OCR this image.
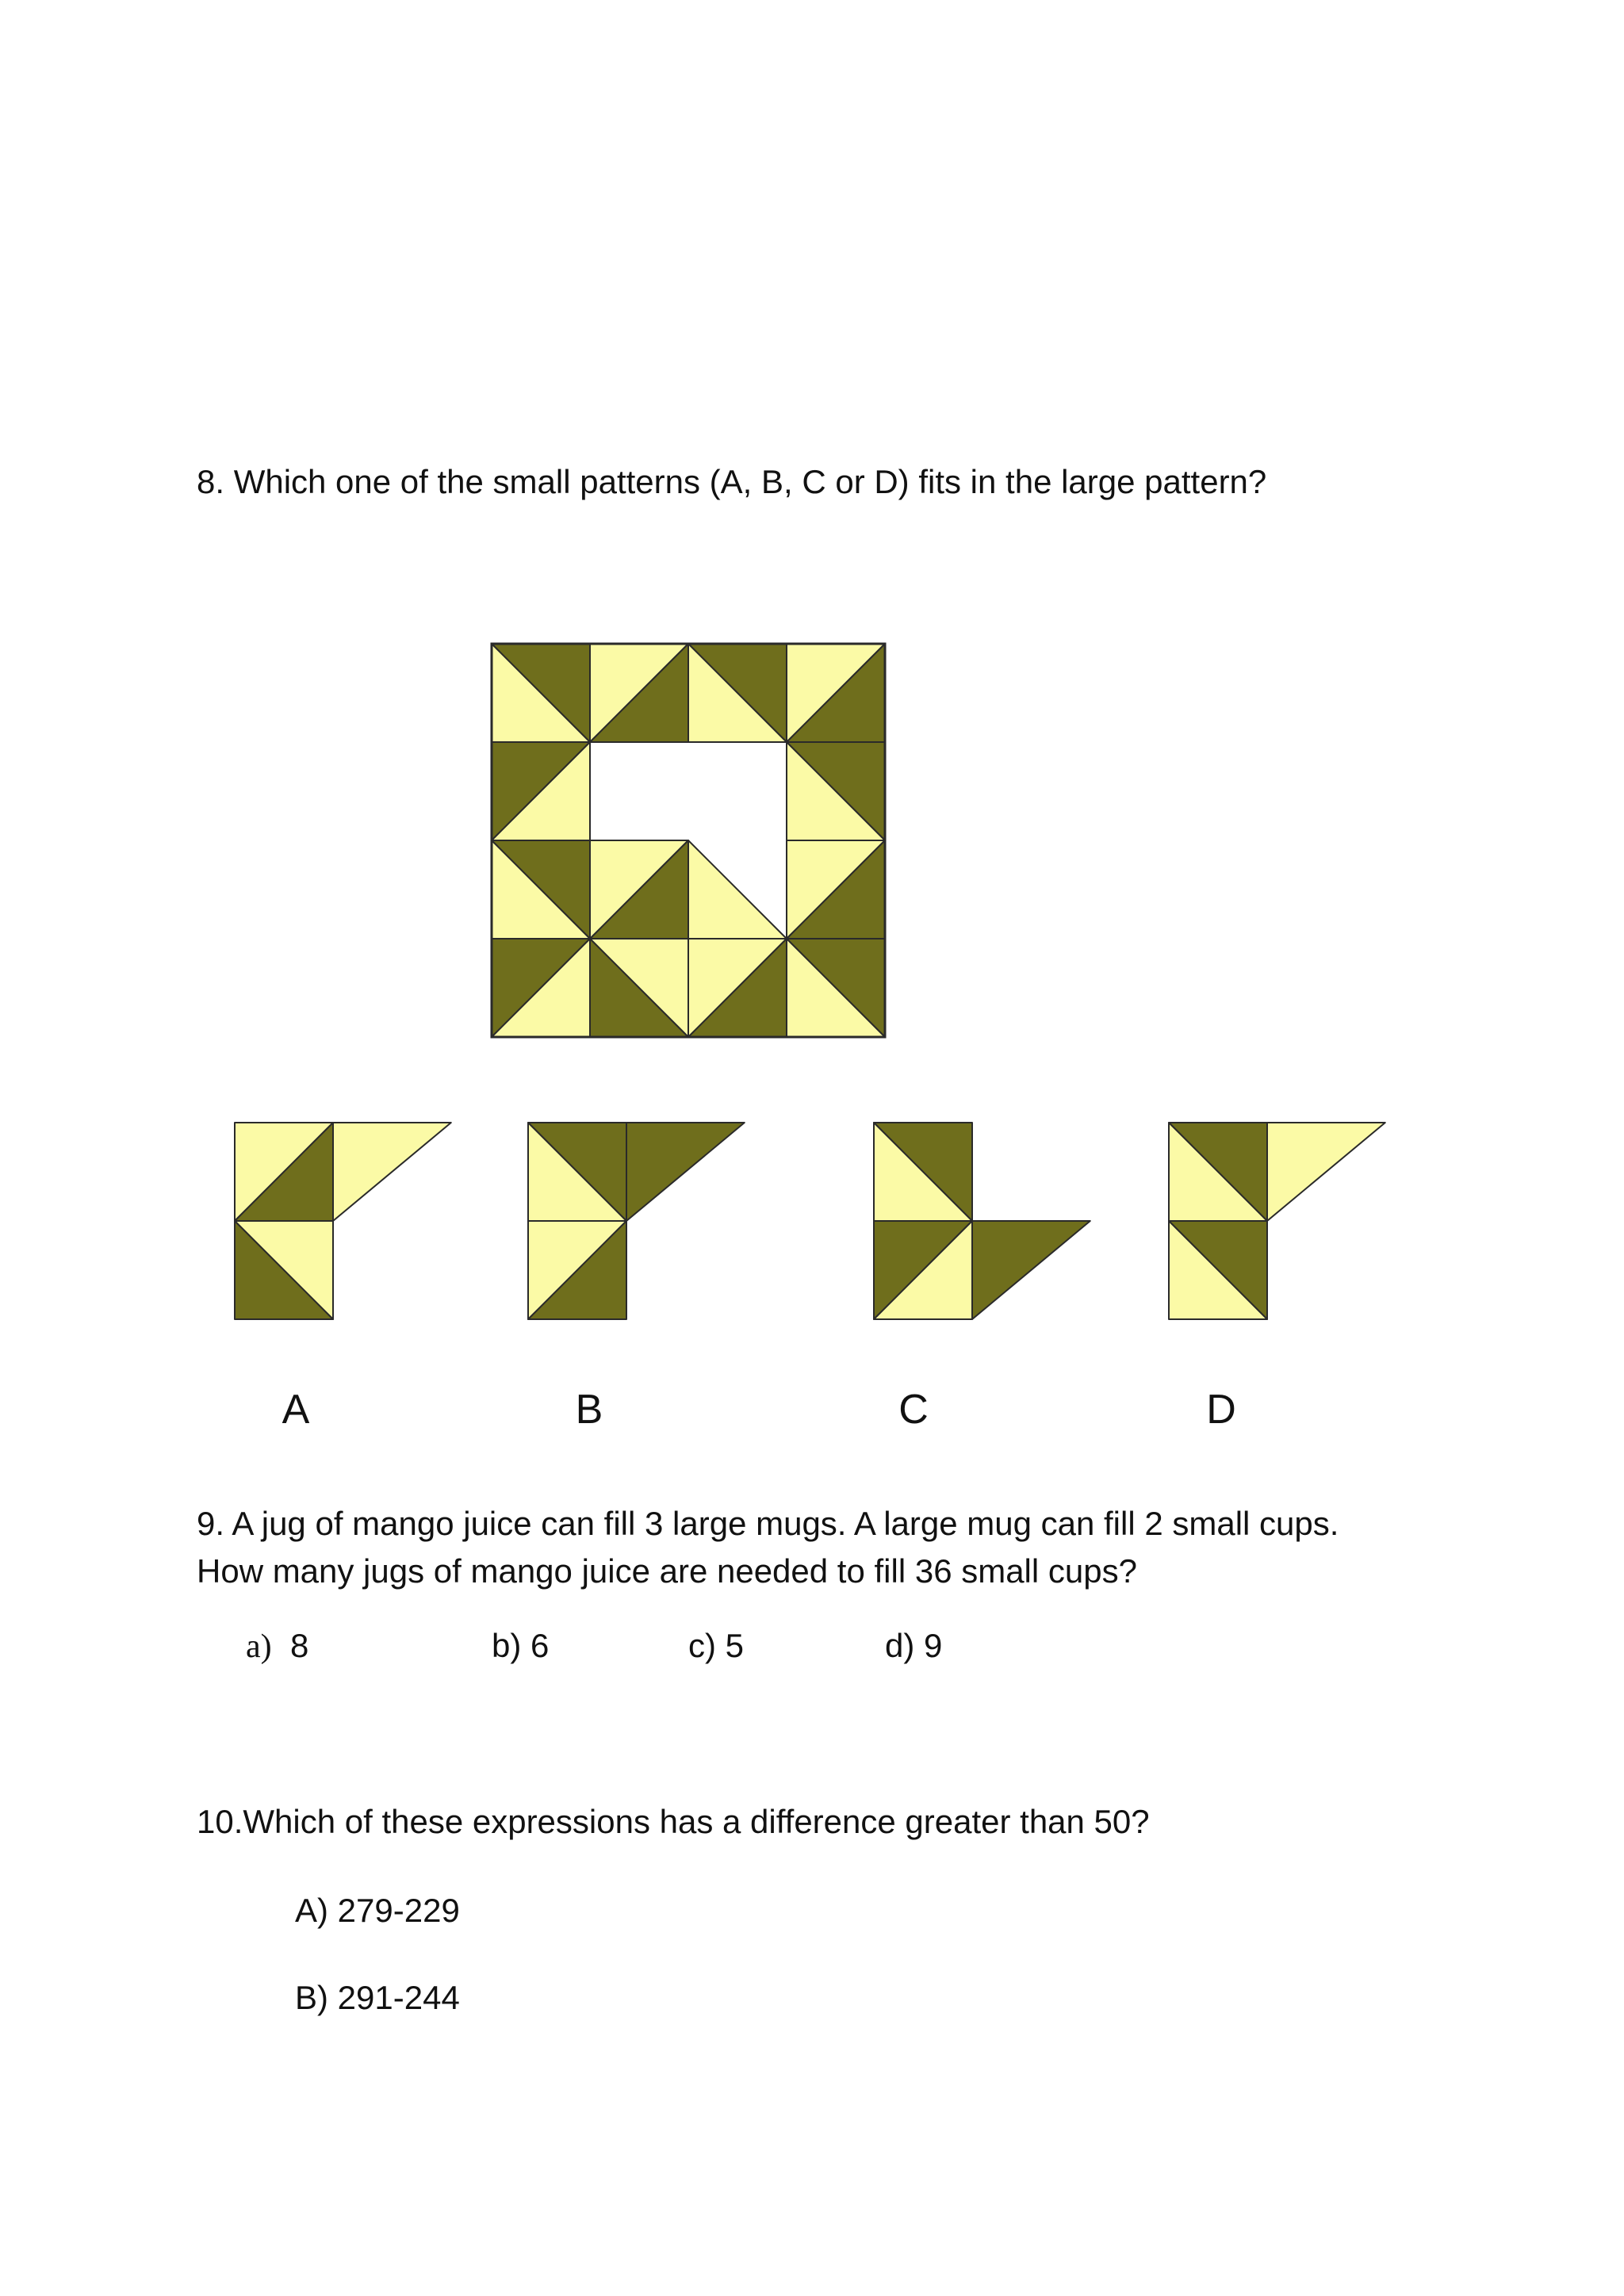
8. Which one of the small patterns (A, B, C or D) fits in the large pattern?
A	B	C	D
9. A jug of mango juice can fill 3 large mugs. A large mug can fill 2 small cups.
How many jugs of mango juice are needed to fill 36 small cups?
a) 8	b) 6	c) 5	d) 9
10.Which of these expressions has a difference greater than 50?
A) 279-229
B) 291-244
